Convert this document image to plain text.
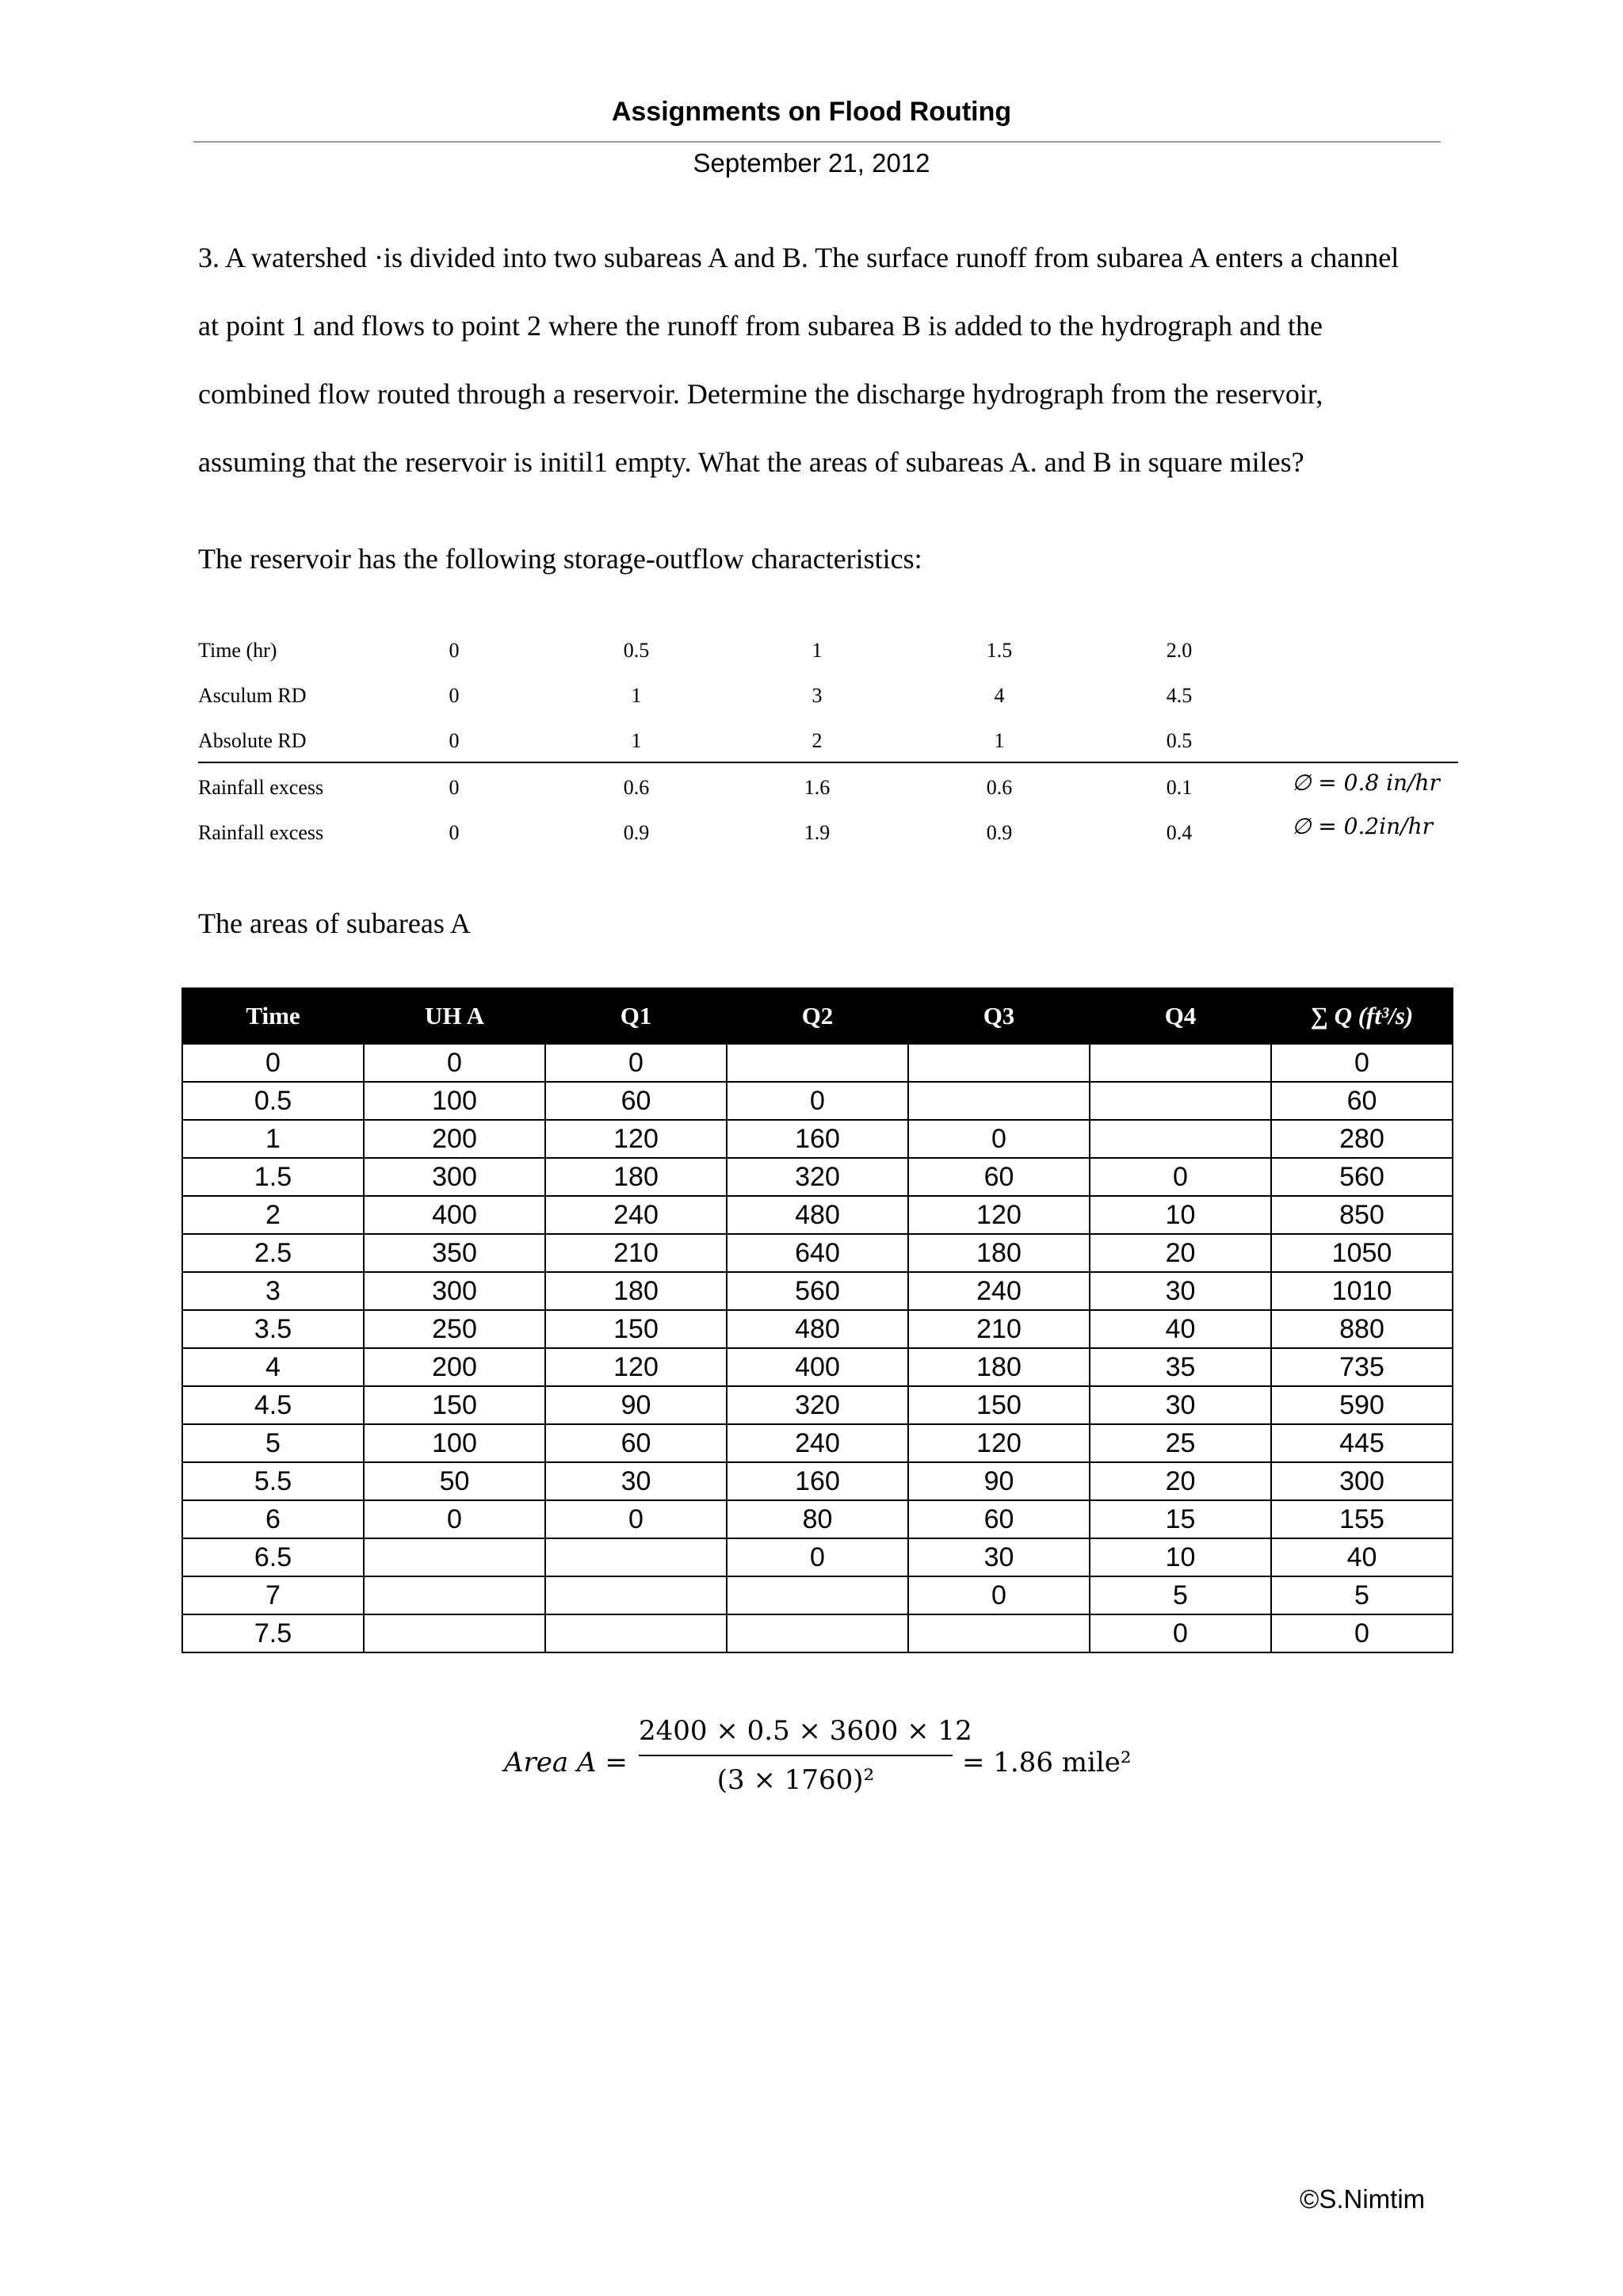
Assignments on Flood Routing
September 21, 2012
3. A watershed ·is divided into two subareas A and B. The surface runoff from subarea A enters a channel
at point 1 and flows to point 2 where the runoff from subarea B is added to the hydrograph and the
combined flow routed through a reservoir. Determine the discharge hydrograph from the reservoir,
assuming that the reservoir is initil1 empty. What the areas of subareas A. and B in square miles?
The reservoir has the following storage-outflow characteristics:
Time (hr)	0	0.5	1	1.5	2.0
Asculum RD	0	1	3	4	4.5
Absolute RD	0	1	2	1	0.5
Rainfall excess	0	0.6	1.6	0.6	0.1	∅ = 0.8 in/hr
Rainfall excess	0	0.9	1.9	0.9	0.4	∅ = 0.2in/hr
The areas of subareas A
Time	UH A	Q1	Q2	Q3	Q4	∑ Q (ft³/s)
0	0	0				0
0.5	100	60	0			60
1	200	120	160	0		280
1.5	300	180	320	60	0	560
2	400	240	480	120	10	850
2.5	350	210	640	180	20	1050
3	300	180	560	240	30	1010
3.5	250	150	480	210	40	880
4	200	120	400	180	35	735
4.5	150	90	320	150	30	590
5	100	60	240	120	25	445
5.5	50	30	160	90	20	300
6	0	0	80	60	15	155
6.5			0	30	10	40
7				0	5	5
7.5					0	0
Area A =
2400 × 0.5 × 3600 × 12
(3 × 1760)²
= 1.86 mile²
©S.Nimtim
